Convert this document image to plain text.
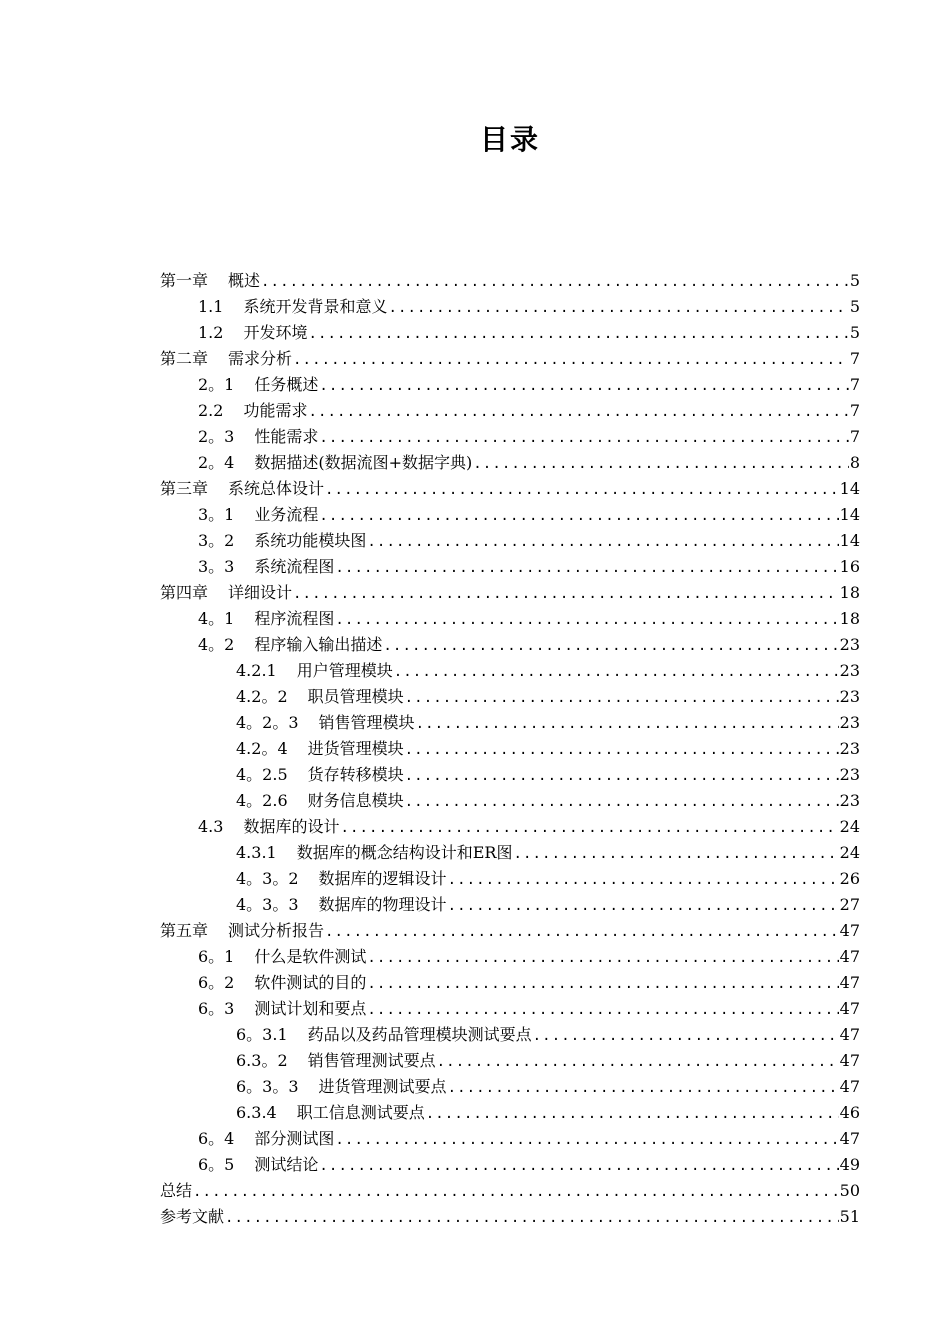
目录
第一章 概述 .....	5
1.1 系统开发背景和意义 .....	5
1.2 开发环境 .....	5
第二章 需求分析 .....	7
2。1 任务概述 .....	7
2.2 功能需求 .....	7
2。3 性能需求 .....	7
2。4 数据描述(数据流图+数据字典) .....	8
第三章 系统总体设计 .....	14
3。1 业务流程 .....	14
3。2 系统功能模块图 .....	14
3。3 系统流程图 .....	16
第四章 详细设计 .....	18
4。1 程序流程图 .....	18
4。2 程序输入输出描述 .....	23
4.2.1 用户管理模块 .....	23
4.2。2 职员管理模块 .....	23
4。2。3 销售管理模块 .....	23
4.2。4 进货管理模块 .....	23
4。2.5 货存转移模块 .....	23
4。2.6 财务信息模块 .....	23
4.3 数据库的设计 .....	24
4.3.1 数据库的概念结构设计和ER图 .....	24
4。3。2 数据库的逻辑设计 .....	26
4。3。3 数据库的物理设计 .....	27
第五章 测试分析报告 .....	47
6。1 什么是软件测试 .....	47
6。2 软件测试的目的 .....	47
6。3 测试计划和要点 .....	47
6。3.1 药品以及药品管理模块测试要点 .....	47
6.3。2 销售管理测试要点 .....	47
6。3。3 进货管理测试要点 .....	47
6.3.4 职工信息测试要点 .....	46
6。4 部分测试图 .....	47
6。5 测试结论 .....	49
总结 .....	50
参考文献 .....	51
